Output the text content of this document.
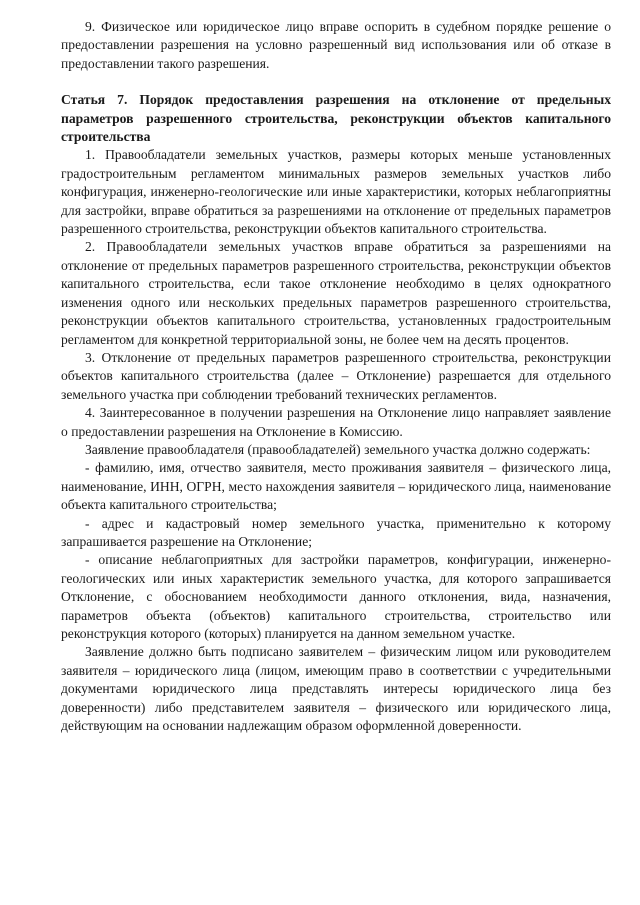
9. Физическое или юридическое лицо вправе оспорить в судебном порядке решение о предоставлении разрешения на условно разрешенный вид использования или об отказе в предоставлении такого разрешения.

Статья 7. Порядок предоставления разрешения на отклонение от предельных параметров разрешенного строительства, реконструкции объектов капитального строительства

1. Правообладатели земельных участков, размеры которых меньше установленных градостроительным регламентом минимальных размеров земельных участков либо конфигурация, инженерно-геологические или иные характеристики, которых неблагоприятны для застройки, вправе обратиться за разрешениями на отклонение от предельных параметров разрешенного строительства, реконструкции объектов капитального строительства.

2. Правообладатели земельных участков вправе обратиться за разрешениями на отклонение от предельных параметров разрешенного строительства, реконструкции объектов капитального строительства, если такое отклонение необходимо в целях однократного изменения одного или нескольких предельных параметров разрешенного строительства, реконструкции объектов капитального строительства, установленных градостроительным регламентом для конкретной территориальной зоны, не более чем на десять процентов.

3. Отклонение от предельных параметров разрешенного строительства, реконструкции объектов капитального строительства (далее – Отклонение) разрешается для отдельного земельного участка при соблюдении требований технических регламентов.

4. Заинтересованное в получении разрешения на Отклонение лицо направляет заявление о предоставлении разрешения на Отклонение в Комиссию.

Заявление правообладателя (правообладателей) земельного участка должно содержать:

- фамилию, имя, отчество заявителя, место проживания заявителя – физического лица, наименование, ИНН, ОГРН, место нахождения заявителя – юридического лица, наименование объекта капитального строительства;

- адрес и кадастровый номер земельного участка, применительно к которому запрашивается разрешение на Отклонение;

- описание неблагоприятных для застройки параметров, конфигурации, инженерно-геологических или иных характеристик земельного участка, для которого запрашивается Отклонение, с обоснованием необходимости данного отклонения, вида, назначения, параметров объекта (объектов) капитального строительства, строительство или реконструкция которого (которых) планируется на данном земельном участке.

Заявление должно быть подписано заявителем – физическим лицом или руководителем заявителя – юридического лица (лицом, имеющим право в соответствии с учредительными документами юридического лица представлять интересы юридического лица без доверенности) либо представителем заявителя – физического или юридического лица, действующим на основании надлежащим образом оформленной доверенности.
